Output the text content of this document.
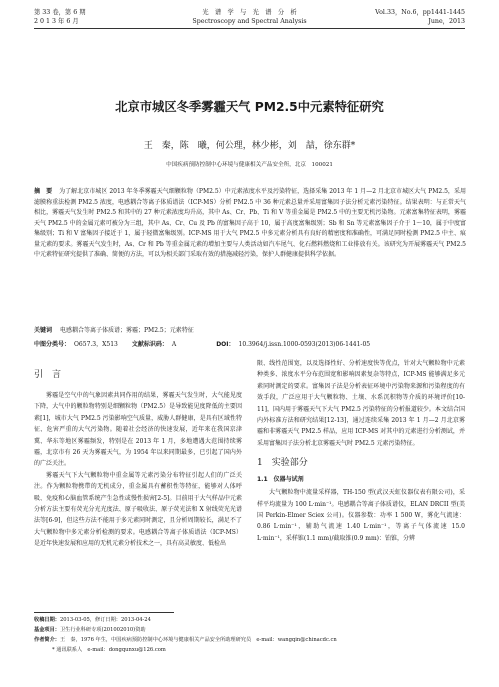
第 33 卷，第 6 期
2 0 1 3 年 6 月
光　谱　学　与　光　谱　分　析
Spectroscopy and Spectral Analysis
Vol.33，No.6，pp1441-1445
June，2013
北京市城区冬季雾霾天气 PM2.5中元素特征研究
王　秦，陈　曦，何公理，林少彬，刘　喆，徐东群*
中国疾病预防控制中心环境与健康相关产品安全所，北京　100021
摘　要 为了解北京市城区 2013 年冬季雾霾天气细颗粒物（PM2.5）中元素浓度水平及污染特征，选择采集 2013 年 1 月—2 月北京市城区大气 PM2.5，采用滤膜称重法检测 PM2.5 浓度，电感耦合等离子体质谱法（ICP-MS）分析 PM2.5 中 36 种元素总量并采用富集因子法分析元素污染特征。结果表明：与正常天气相比，雾霾天气发生时 PM2.5 和其中的 27 种元素浓度均升高，其中 As、Cr、Pb、Ti 和 V 等重金属是 PM2.5 中的主要无机污染物。元素富集特征表明，雾霾天气 PM2.5 中的金属元素可被分为三组，其中 As、Cr、Cu 及 Pb 的富集因子高于 10，属于高度富集级别；Sb 和 Sn 等元素富集因子介于 1～10，属于中度富集级别；Ti 和 V 富集因子接近于 1，属于轻微富集级别。ICP-MS 用于大气 PM2.5 中多元素分析具有良好的精密度和准确性，可满足同时检测 PM2.5 中主、痕量元素的要求。雾霾天气发生时，As、Cr 和 Pb 等重金属元素的增加主要与人类活动如汽车尾气、化石燃料燃烧和工业排放有关。该研究为开展雾霾天气 PM2.5 中元素特征研究提供了准确、简便的方法，可以为相关部门采取有效的措施减轻污染，保护人群健康提供科学依据。
关键词 电感耦合等离子体质谱；雾霾；PM2.5；元素特征
中图分类号： O657.3，X513 文献标识码： A	DOI： 10.3964/j.issn.1000-0593(2013)06-1441-05
引　言

雾霾是空气中的气象因素共同作用的结果，雾霾天气发生时，大气能见度下降，大气中的颗粒物特别是细颗粒物（PM2.5）是导致能见度降低的主要因素[1]，城市大气 PM2.5 污染影响空气质量，威胁人群健康，是具有区域性特征、危害严重的大气污染物。随着社会经济的快速发展，近年来在我国京津冀、华东等地区雾霾频发，特别是在 2013 年 1 月，多地遭遇大范围持续雾霾，北京市有 26 天为雾霾天气，为 1954 年以来同期最多，已引起了国内外的广泛关注。

雾霾天气下大气颗粒物中重金属等元素污染分布特征引起人们的广泛关注。作为颗粒物携带的无机成分，重金属具有蓄积性等特征，能够对人体呼吸、免疫和心脑血管系统产生急性或慢性损害[2-5]。目前用于大气样品中元素分析方法主要有荧光分光光度法、原子吸收法、原子荧光法和 X 射线荧光光谱法等[6-9]，但这些方法不能用于多元素同时测定，且分析周期较长，满足不了大气颗粒物中多元素分析检测的要求。电感耦合等离子体质谱法（ICP-MS）是近年快速发展和应用的无机元素分析技术之一，具有高灵敏度、低检出

限、线性范围宽，以及选择性好、分析速度快等优点，针对大气颗粒物中元素种类多、浓度水平分布范围宽和影响因素复杂等特点，ICP-MS 能够满足多元素同时测定的要求。富集因子法是分析表征环境中污染物来源和污染程度的有效手段，广泛应用于大气颗粒物、土壤、水系沉积物等介质的环境评价[10-11]，国内用于雾霾天气下大气 PM2.5 污染特征的分析报道较少。本文结合国内外标准方法和研究结果[12-13]，通过连续采集 2013 年 1 月—2 月北京雾霾和非雾霾天气 PM2.5 样品，应用 ICP-MS 对其中的元素进行分析测试，并采用富集因子法分析北京雾霾天气时 PM2.5 元素污染特征。

1　实验部分
1.1　仪器与试剂

大气颗粒物中流量采样器，TH-150 型(武汉天虹仪器仪表有限公司)，采样平均流量为 100 L·min⁻¹。电感耦合等离子体质谱仪，ELAN DRCII 型(美国 Perkin-Elmer Sciex 公司)。仪器参数：功率 1 500 W，雾化气流速：0.86 L·min⁻¹，辅助气流速 1.40 L·min⁻¹，等离子气体流速 15.0 L·min⁻¹，采样锥(1.1 mm)/截取锥(0.9 mm)：铂锥，分辨

收稿日期：2013-03-05，修订日期：2013-04-24
基金项目：卫生行业科研专项(201002010)资助
作者简介：王　秦，1976 年生，中国疾病预防控制中心环境与健康相关产品安全所助理研究员　e-mail：wangqin@chinacdc.cn
* 通讯联系人　e-mail：dongqunxu@126.com
